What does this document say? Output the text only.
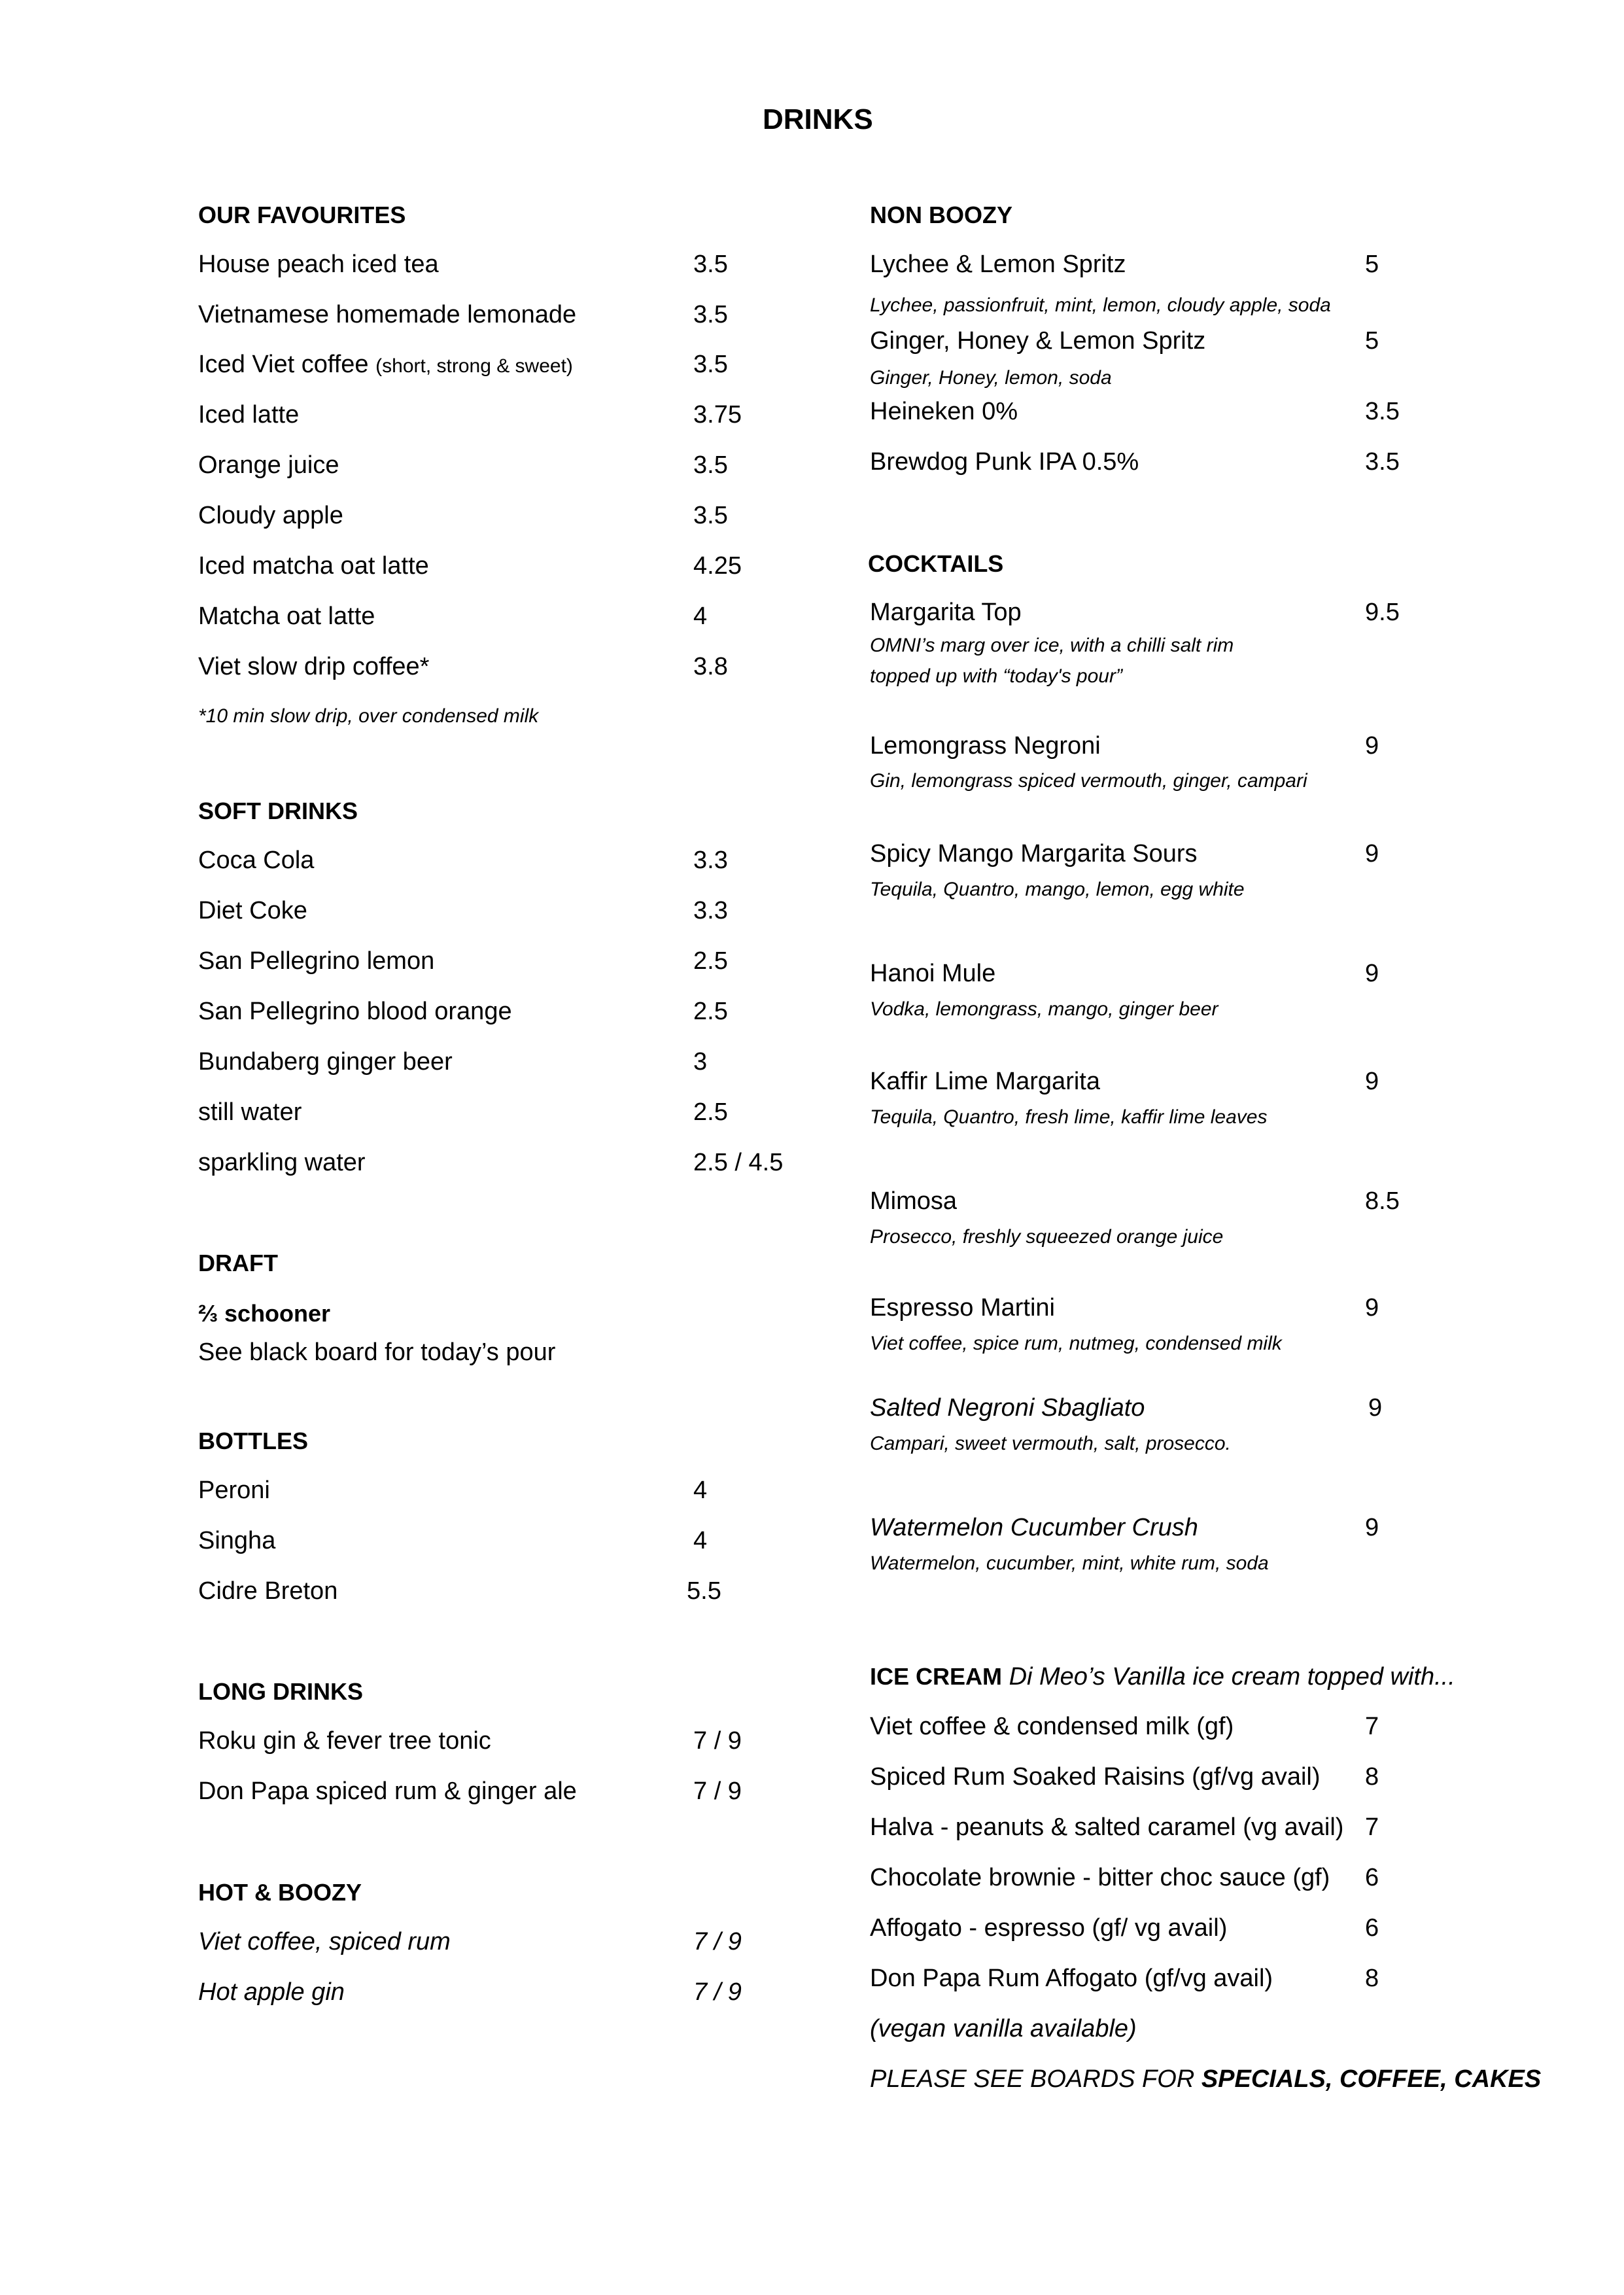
DRINKS
OUR FAVOURITES
House peach iced tea	3.5
Vietnamese homemade lemonade	3.5
Iced Viet coffee (short, strong & sweet)	3.5
Iced latte	3.75
Orange juice	3.5
Cloudy apple	3.5
Iced matcha oat latte	4.25
Matcha oat latte	4
Viet slow drip coffee*	3.8
*10 min slow drip, over condensed milk
SOFT DRINKS
Coca Cola	3.3
Diet Coke	3.3
San Pellegrino lemon	2.5
San Pellegrino blood orange	2.5
Bundaberg ginger beer	3
still water	2.5
sparkling water	2.5 / 4.5
DRAFT
⅔ schooner
See black board for today’s pour
BOTTLES
Peroni	4
Singha	4
Cidre Breton	5.5
LONG DRINKS
Roku gin & fever tree tonic	7 / 9
Don Papa spiced rum & ginger ale	7 / 9
HOT & BOOZY
Viet coffee, spiced rum	7 / 9
Hot apple gin	7 / 9
NON BOOZY
Lychee & Lemon Spritz	5
Lychee, passionfruit, mint, lemon, cloudy apple, soda
Ginger, Honey & Lemon Spritz	5
Ginger, Honey, lemon, soda
Heineken 0%	3.5
Brewdog Punk IPA 0.5%	3.5
COCKTAILS
Margarita Top	9.5
OMNI’s marg over ice, with a chilli salt rim
topped up with “today's pour”
Lemongrass Negroni	9
Gin, lemongrass spiced vermouth, ginger, campari
Spicy Mango Margarita Sours	9
Tequila, Quantro, mango, lemon, egg white
Hanoi Mule	9
Vodka, lemongrass, mango, ginger beer
Kaffir Lime Margarita	9
Tequila, Quantro, fresh lime, kaffir lime leaves
Mimosa	8.5
Prosecco, freshly squeezed orange juice
Espresso Martini	9
Viet coffee, spice rum, nutmeg, condensed milk
Salted Negroni Sbagliato	9
Campari, sweet vermouth, salt, prosecco.
Watermelon Cucumber Crush	9
Watermelon, cucumber, mint, white rum, soda
ICE CREAM Di Meo’s Vanilla ice cream topped with...
Viet coffee & condensed milk (gf)	7
Spiced Rum Soaked Raisins (gf/vg avail) 8
Halva - peanuts & salted caramel (vg avail) 7
Chocolate brownie - bitter choc sauce (gf) 6
Affogato - espresso (gf/ vg avail)	6
Don Papa Rum Affogato (gf/vg avail)	8
(vegan vanilla available)
PLEASE SEE BOARDS FOR SPECIALS, COFFEE, CAKES
